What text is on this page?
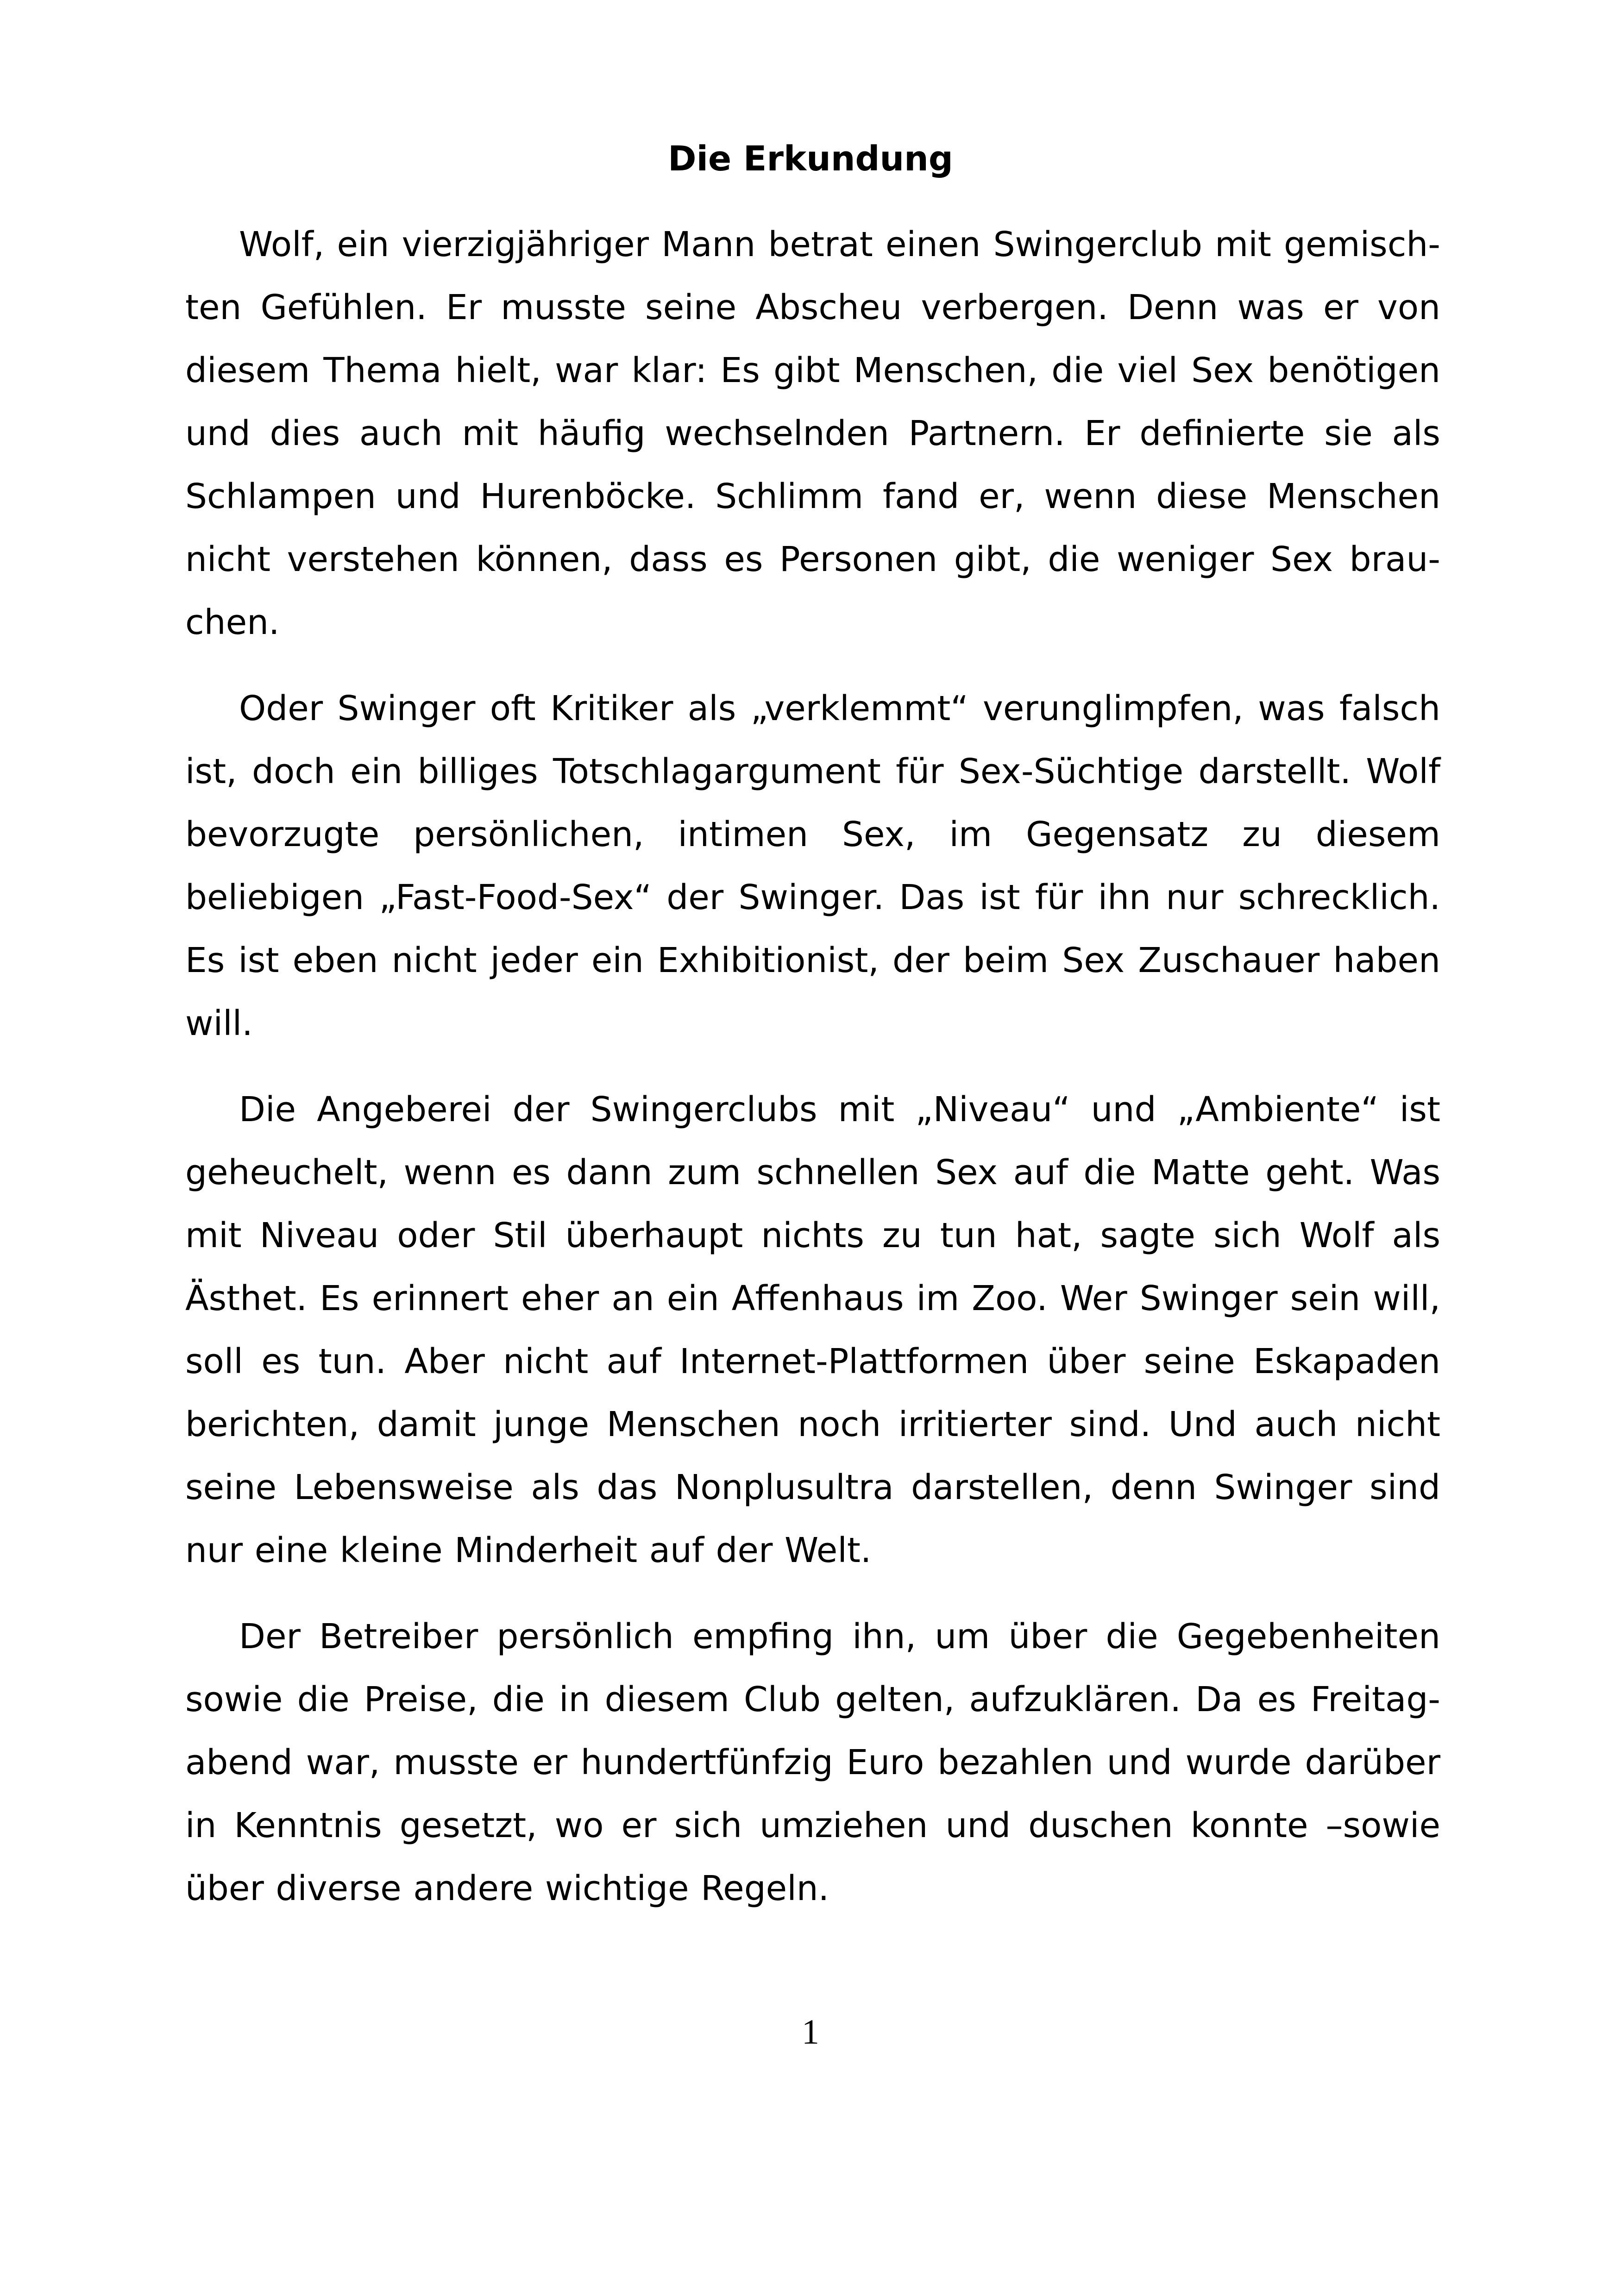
Die Erkundung

Wolf, ein vierzigjähriger Mann betrat einen Swingerclub mit gemischten Gefühlen. Er musste seine Abscheu verbergen. Denn was er von diesem Thema hielt, war klar: Es gibt Menschen, die viel Sex benötigen und dies auch mit häufig wechselnden Partnern. Er definierte sie als Schlampen und Hurenböcke. Schlimm fand er, wenn diese Menschen nicht verstehen können, dass es Personen gibt, die weniger Sex brauchen.

Oder Swinger oft Kritiker als „verklemmt“ verunglimpfen, was falsch ist, doch ein billiges Totschlagargument für Sex-Süchtige darstellt. Wolf bevorzugte persönlichen, intimen Sex, im Gegensatz zu diesem beliebigen „Fast-Food-Sex“ der Swinger. Das ist für ihn nur schrecklich. Es ist eben nicht jeder ein Exhibitionist, der beim Sex Zuschauer haben will.

Die Angeberei der Swingerclubs mit „Niveau“ und „Ambiente“ ist geheuchelt, wenn es dann zum schnellen Sex auf die Matte geht. Was mit Niveau oder Stil überhaupt nichts zu tun hat, sagte sich Wolf als Ästhet. Es erinnert eher an ein Affenhaus im Zoo. Wer Swinger sein will, soll es tun. Aber nicht auf Internet-Plattformen über seine Eskapaden berichten, damit junge Menschen noch irritierter sind. Und auch nicht seine Lebensweise als das Nonplusultra darstellen, denn Swinger sind nur eine kleine Minderheit auf der Welt.

Der Betreiber persönlich empfing ihn, um über die Gegebenheiten sowie die Preise, die in diesem Club gelten, aufzuklären. Da es Freitagabend war, musste er hundertfünfzig Euro bezahlen und wurde darüber in Kenntnis gesetzt, wo er sich umziehen und duschen konnte –sowie über diverse andere wichtige Regeln.

1
